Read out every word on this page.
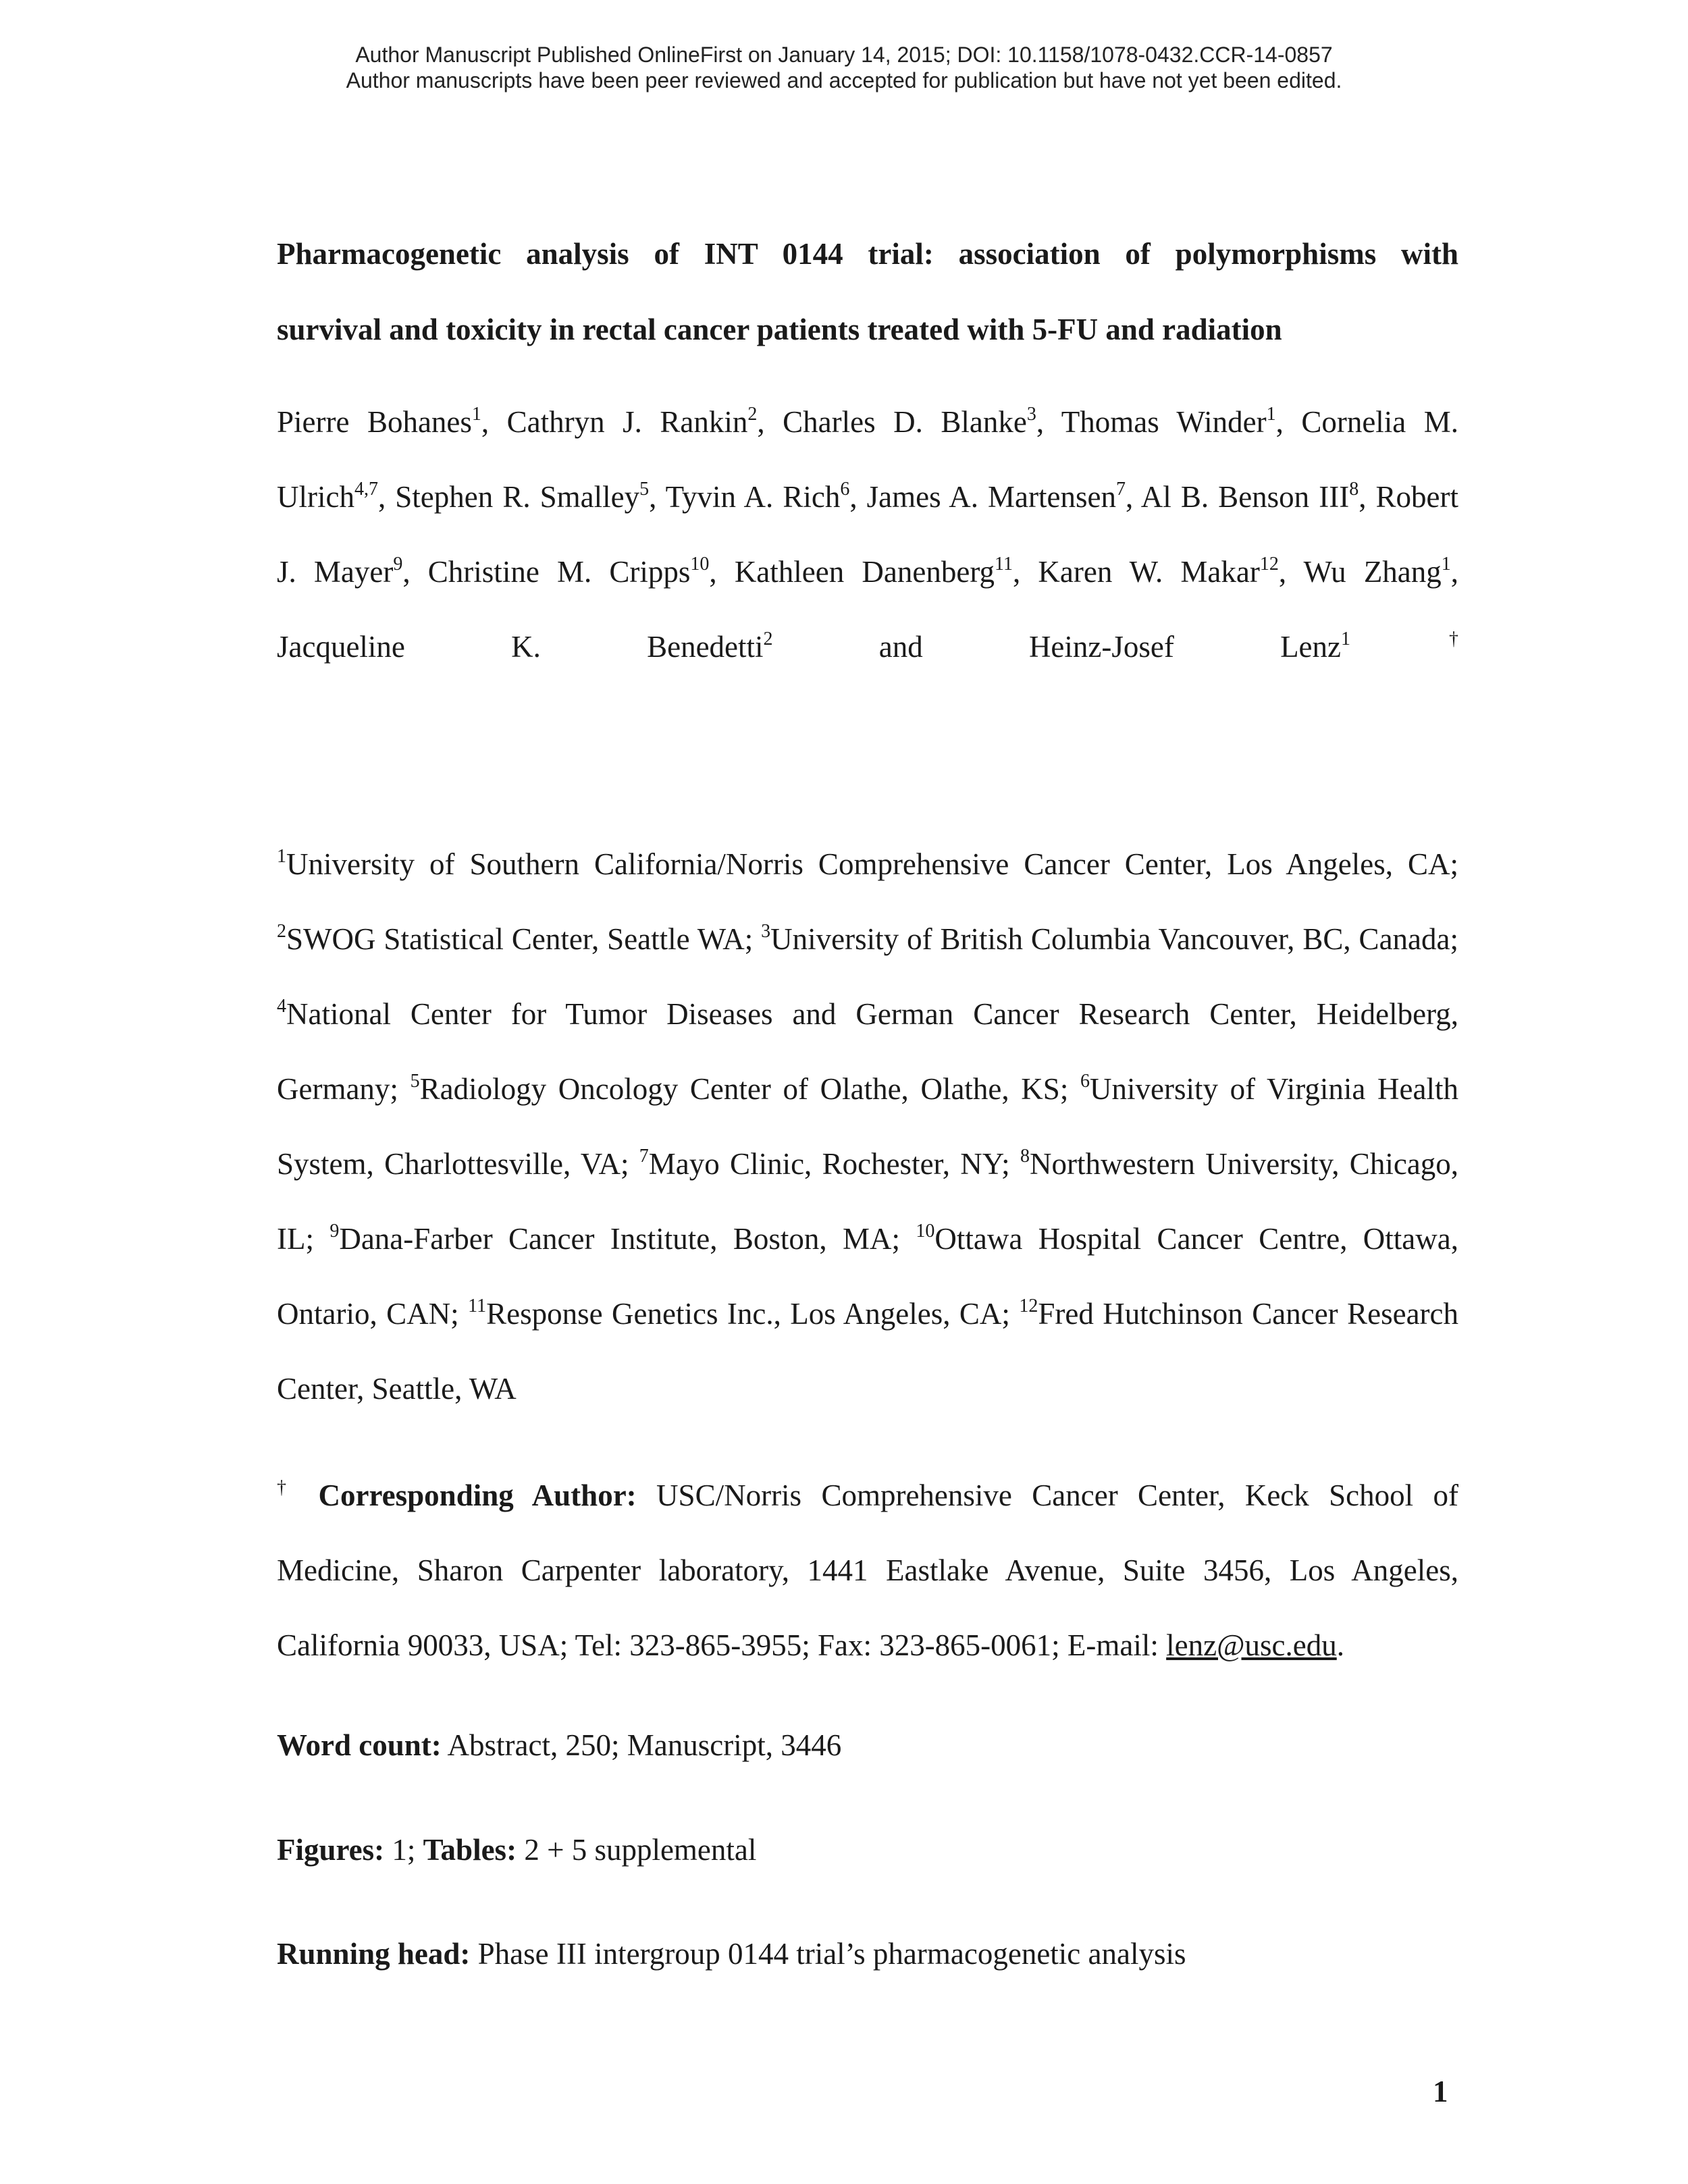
Author Manuscript Published OnlineFirst on January 14, 2015; DOI: 10.1158/1078-0432.CCR-14-0857
Author manuscripts have been peer reviewed and accepted for publication but have not yet been edited.
Pharmacogenetic analysis of INT 0144 trial: association of polymorphisms with
survival and toxicity in rectal cancer patients treated with 5-FU and radiation
Pierre Bohanes$^1$, Cathryn J. Rankin$^2$, Charles D. Blanke$^3$, Thomas Winder$^1$, Cornelia M. Ulrich$^{4,7}$, Stephen R. Smalley$^5$, Tyvin A. Rich$^6$, James A. Martensen$^7$, Al B. Benson III$^8$, Robert J. Mayer$^9$, Christine M. Cripps$^{10}$, Kathleen Danenberg$^{11}$, Karen W. Makar$^{12}$, Wu Zhang$^1$, Jacqueline K. Benedetti$^2$ and Heinz-Josef Lenz$^{1\dagger}$
$^1$University of Southern California/Norris Comprehensive Cancer Center, Los Angeles, CA; $^2$SWOG Statistical Center, Seattle WA; $^3$University of British Columbia Vancouver, BC, Canada; $^4$National Center for Tumor Diseases and German Cancer Research Center, Heidelberg, Germany; $^5$Radiology Oncology Center of Olathe, Olathe, KS; $^6$University of Virginia Health System, Charlottesville, VA; $^7$Mayo Clinic, Rochester, NY; $^8$Northwestern University, Chicago, IL; $^9$Dana-Farber Cancer Institute, Boston, MA; $^{10}$Ottawa Hospital Cancer Centre, Ottawa, Ontario, CAN; $^{11}$Response Genetics Inc., Los Angeles, CA; $^{12}$Fred Hutchinson Cancer Research Center, Seattle, WA
† Corresponding Author: USC/Norris Comprehensive Cancer Center, Keck School of Medicine, Sharon Carpenter laboratory, 1441 Eastlake Avenue, Suite 3456, Los Angeles, California 90033, USA; Tel: 323-865-3955; Fax: 323-865-0061; E-mail: lenz@usc.edu.
Word count: Abstract, 250; Manuscript, 3446
Figures: 1; Tables: 2 + 5 supplemental
Running head: Phase III intergroup 0144 trial’s pharmacogenetic analysis
1
